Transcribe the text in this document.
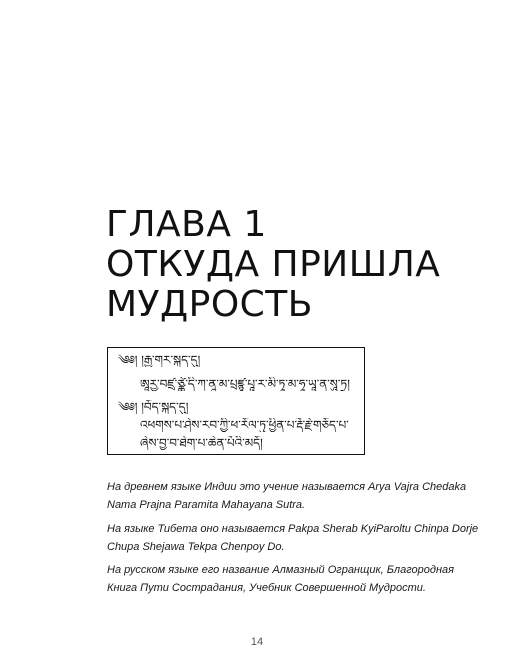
ГЛАВА 1
ОТКУДА ПРИШЛА
МУДРОСТЬ
༄༅། །རྒྱ་གར་སྐད་དུ།
ཨཱརྱ་བཛྲ་ཙྪེ་དི་ཀ་ནཱ་མ་པྲཛྙཱ་པཱ་ར་མི་ཏཱ་མ་ཧཱ་ཡཱ་ན་སཱུ་ཏྲ།
༄༅། །བོད་སྐད་དུ།
འཕགས་པ་ཤེས་རབ་ཀྱི་ཕ་རོལ་ཏུ་ཕྱིན་པ་རྡོ་རྗེ་གཅོད་པ་
ཞེས་བྱ་བ་ཐེག་པ་ཆེན་པོའི་མདོ།

На древнем языке Индии это учение называется Arya Vajra Chedaka
Nama Prajna Paramita Mahayana Sutra.

На языке Тибета оно называется Pakpa Sherab KyiParoltu Chinpa Dorje
Chupa Shejawa Tekpa Chenpoy Do.

На русском языке его название Алмазный Огранщик, Благородная
Книга Пути Сострадания, Учебник Совершенной Мудрости.

14
